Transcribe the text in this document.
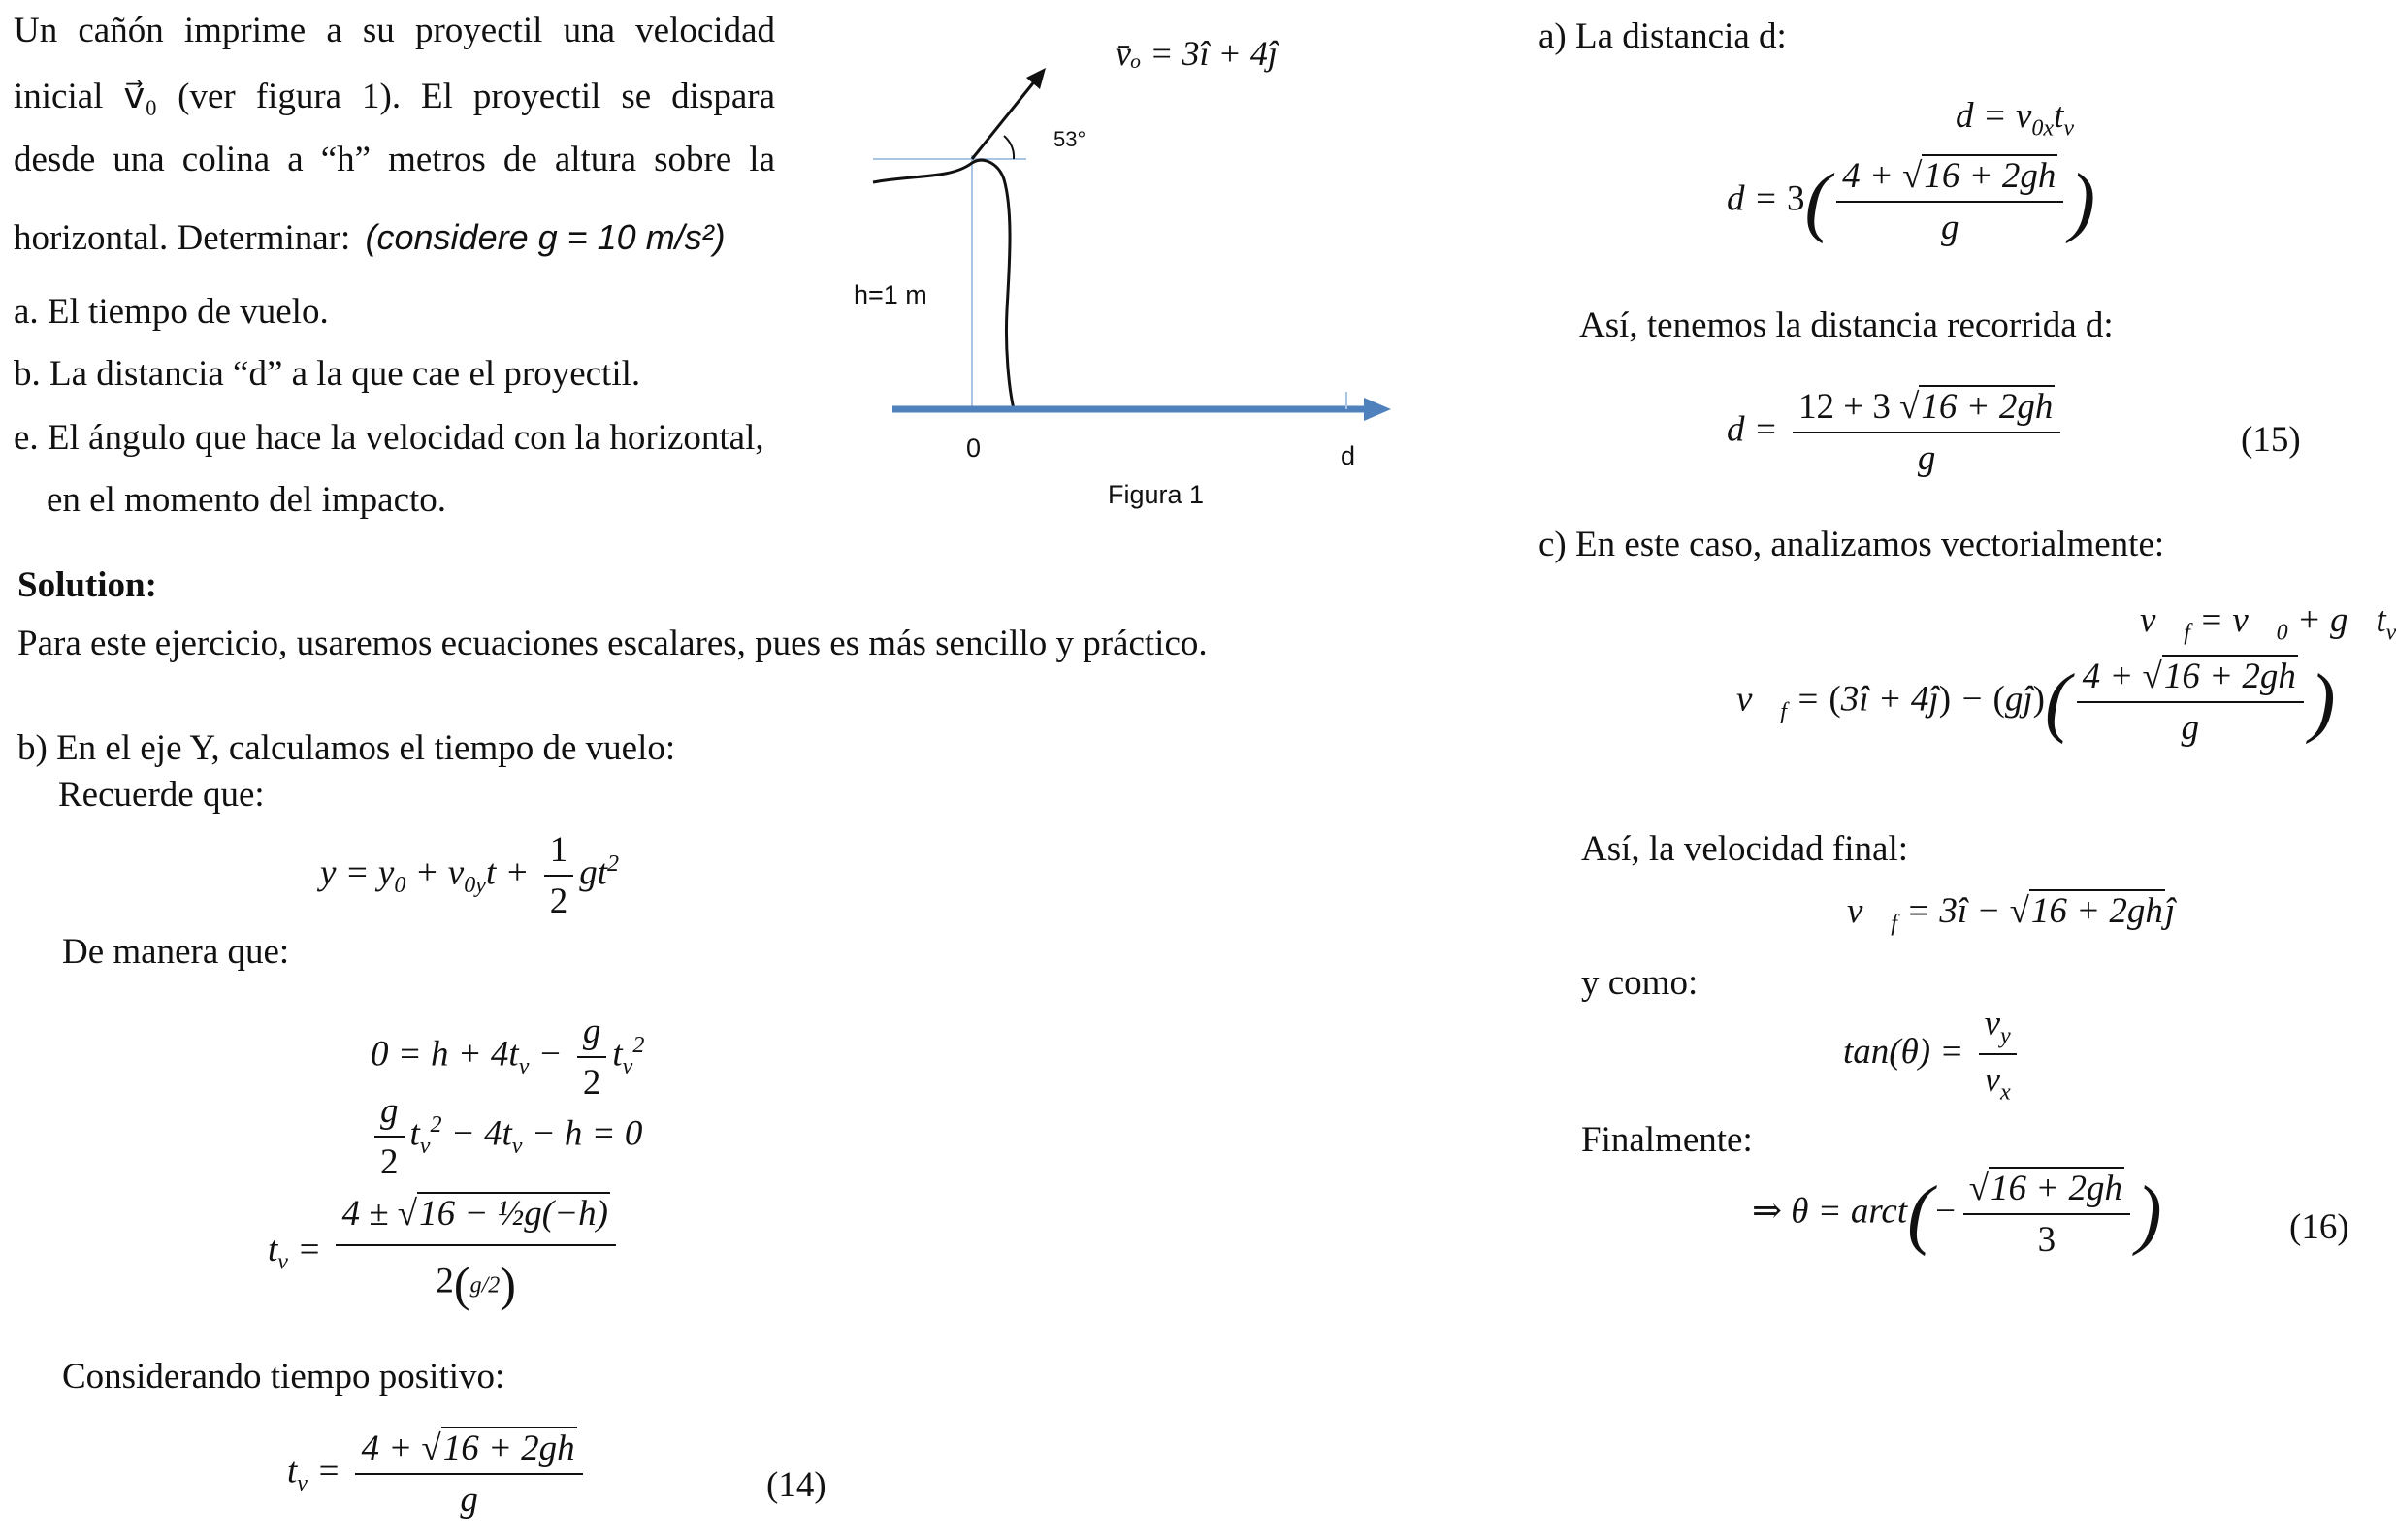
Un cañón imprime a su proyectil una velocidad
inicial v⃗₀ (ver figura 1). El proyectil se dispara
desde una colina a “h” metros de altura sobre la
horizontal. Determinar: (considere g = 10 m/s²)
a. El tiempo de vuelo.
b. La distancia “d” a la que cae el proyectil.
e. El ángulo que hace la velocidad con la horizontal,
en el momento del impacto.
v̄ₒ = 3î + 4ĵ
53°
h=1 m
0	d
Figura 1
Solution:
Para este ejercicio, usaremos ecuaciones escalares, pues es más sencillo y práctico.
b) En el eje Y, calculamos el tiempo de vuelo:
Recuerde que:
$y = y_0 + v_{0y}t + \frac{1}{2} gt^2$
De manera que:
$0 = h + 4t_v - \frac{g}{2} t_v^2$
$\frac{g}{2} t_v^2 - 4t_v - h = 0$
$t_v = \frac{\text{4 ± √16 − ½g(−h)}}{2(g/2)}$
Considerando tiempo positivo:
$t_v = \frac{4 + √16 + 2gh}{g}$	(14)
a) La distancia d:
$d = v_{0x}t_v$
$d = 3( \frac{4 + √16 + 2gh}{g}$ )
Así, tenemos la distancia recorrida d:
$d = \frac{12 + 3 √16 + 2gh}{g}$	(15)
c) En este caso, analizamos vectorialmente:
$v⃗_f$ = $v⃗_0$ + $g⃗t_v$
$v⃗_f$ = (3î + 4ĵ) − (gĵ)( $\frac{4 + √16 + 2gh}{g}$ )
Así, la velocidad final:
$v⃗_f$ = 3î − √16 + 2ghĵ
y como:
$\tan(\theta) = \frac{v_y}{v_x}$
Finalmente:
⇒ θ = arct(− $\frac{√16 + 2gh}{3}$ )	(16)
